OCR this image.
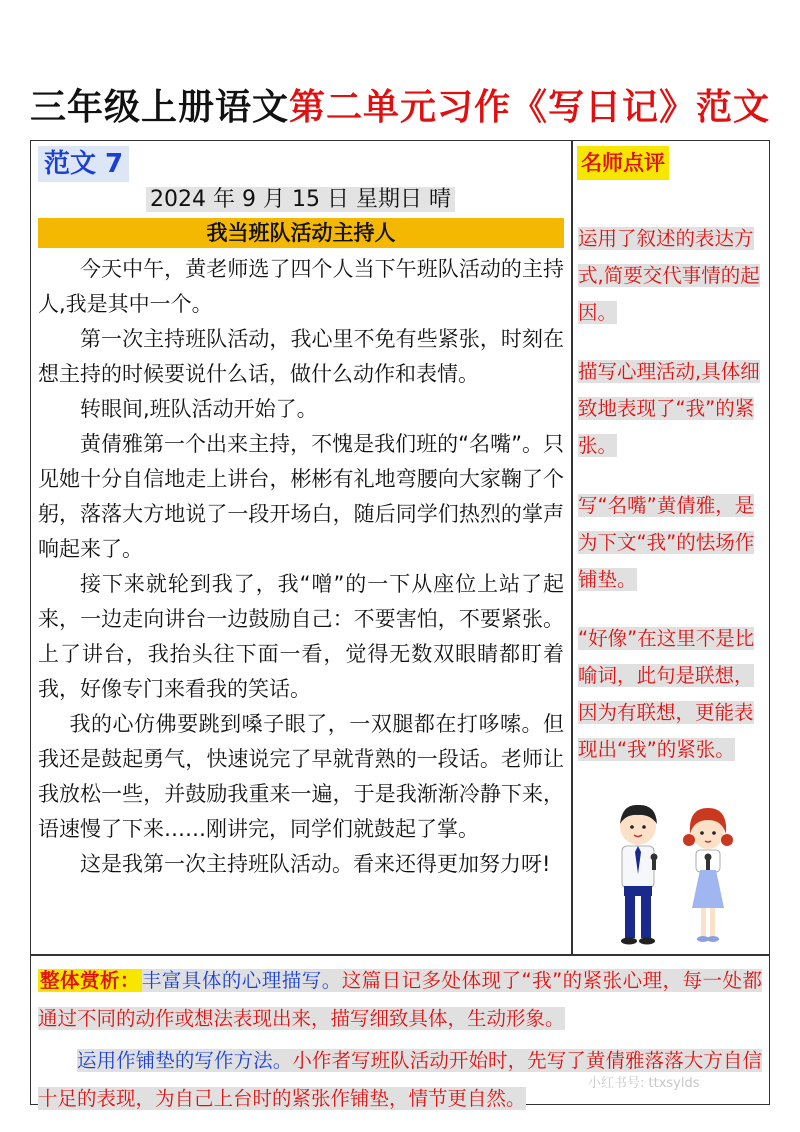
三年级上册语文第二单元习作《写日记》范文
范文 7
2024 年 9 月 15 日 星期日 晴
我当班队活动主持人

今天中午，黄老师选了四个人当下午班队活动的主持人,我是其中一个。

第一次主持班队活动，我心里不免有些紧张，时刻在想主持的时候要说什么话，做什么动作和表情。

转眼间,班队活动开始了。

黄倩雅第一个出来主持，不愧是我们班的“名嘴”。只见她十分自信地走上讲台，彬彬有礼地弯腰向大家鞠了个躬，落落大方地说了一段开场白，随后同学们热烈的掌声响起来了。

接下来就轮到我了，我“噌”的一下从座位上站了起来，一边走向讲台一边鼓励自己：不要害怕，不要紧张。上了讲台，我抬头往下面一看，觉得无数双眼睛都盯着我，好像专门来看我的笑话。

我的心仿佛要跳到嗓子眼了，一双腿都在打哆嗦。但我还是鼓起勇气，快速说完了早就背熟的一段话。老师让我放松一些，并鼓励我重来一遍，于是我渐渐冷静下来，语速慢了下来……刚讲完，同学们就鼓起了掌。

这是我第一次主持班队活动。看来还得更加努力呀!

名师点评
运用了叙述的表达方式,简要交代事情的起因。
描写心理活动,具体细致地表现了“我”的紧张。
写“名嘴”黄倩雅，是为下文“我”的怯场作铺垫。
“好像”在这里不是比喻词，此句是联想，因为有联想，更能表现出“我”的紧张。

整体赏析： 丰富具体的心理描写。这篇日记多处体现了“我”的紧张心理，每一处都通过不同的动作或想法表现出来，描写细致具体，生动形象。

运用作铺垫的写作方法。小作者写班队活动开始时，先写了黄倩雅落落大方自信十足的表现，为自己上台时的紧张作铺垫，情节更自然。

小红书号: ttxsylds
